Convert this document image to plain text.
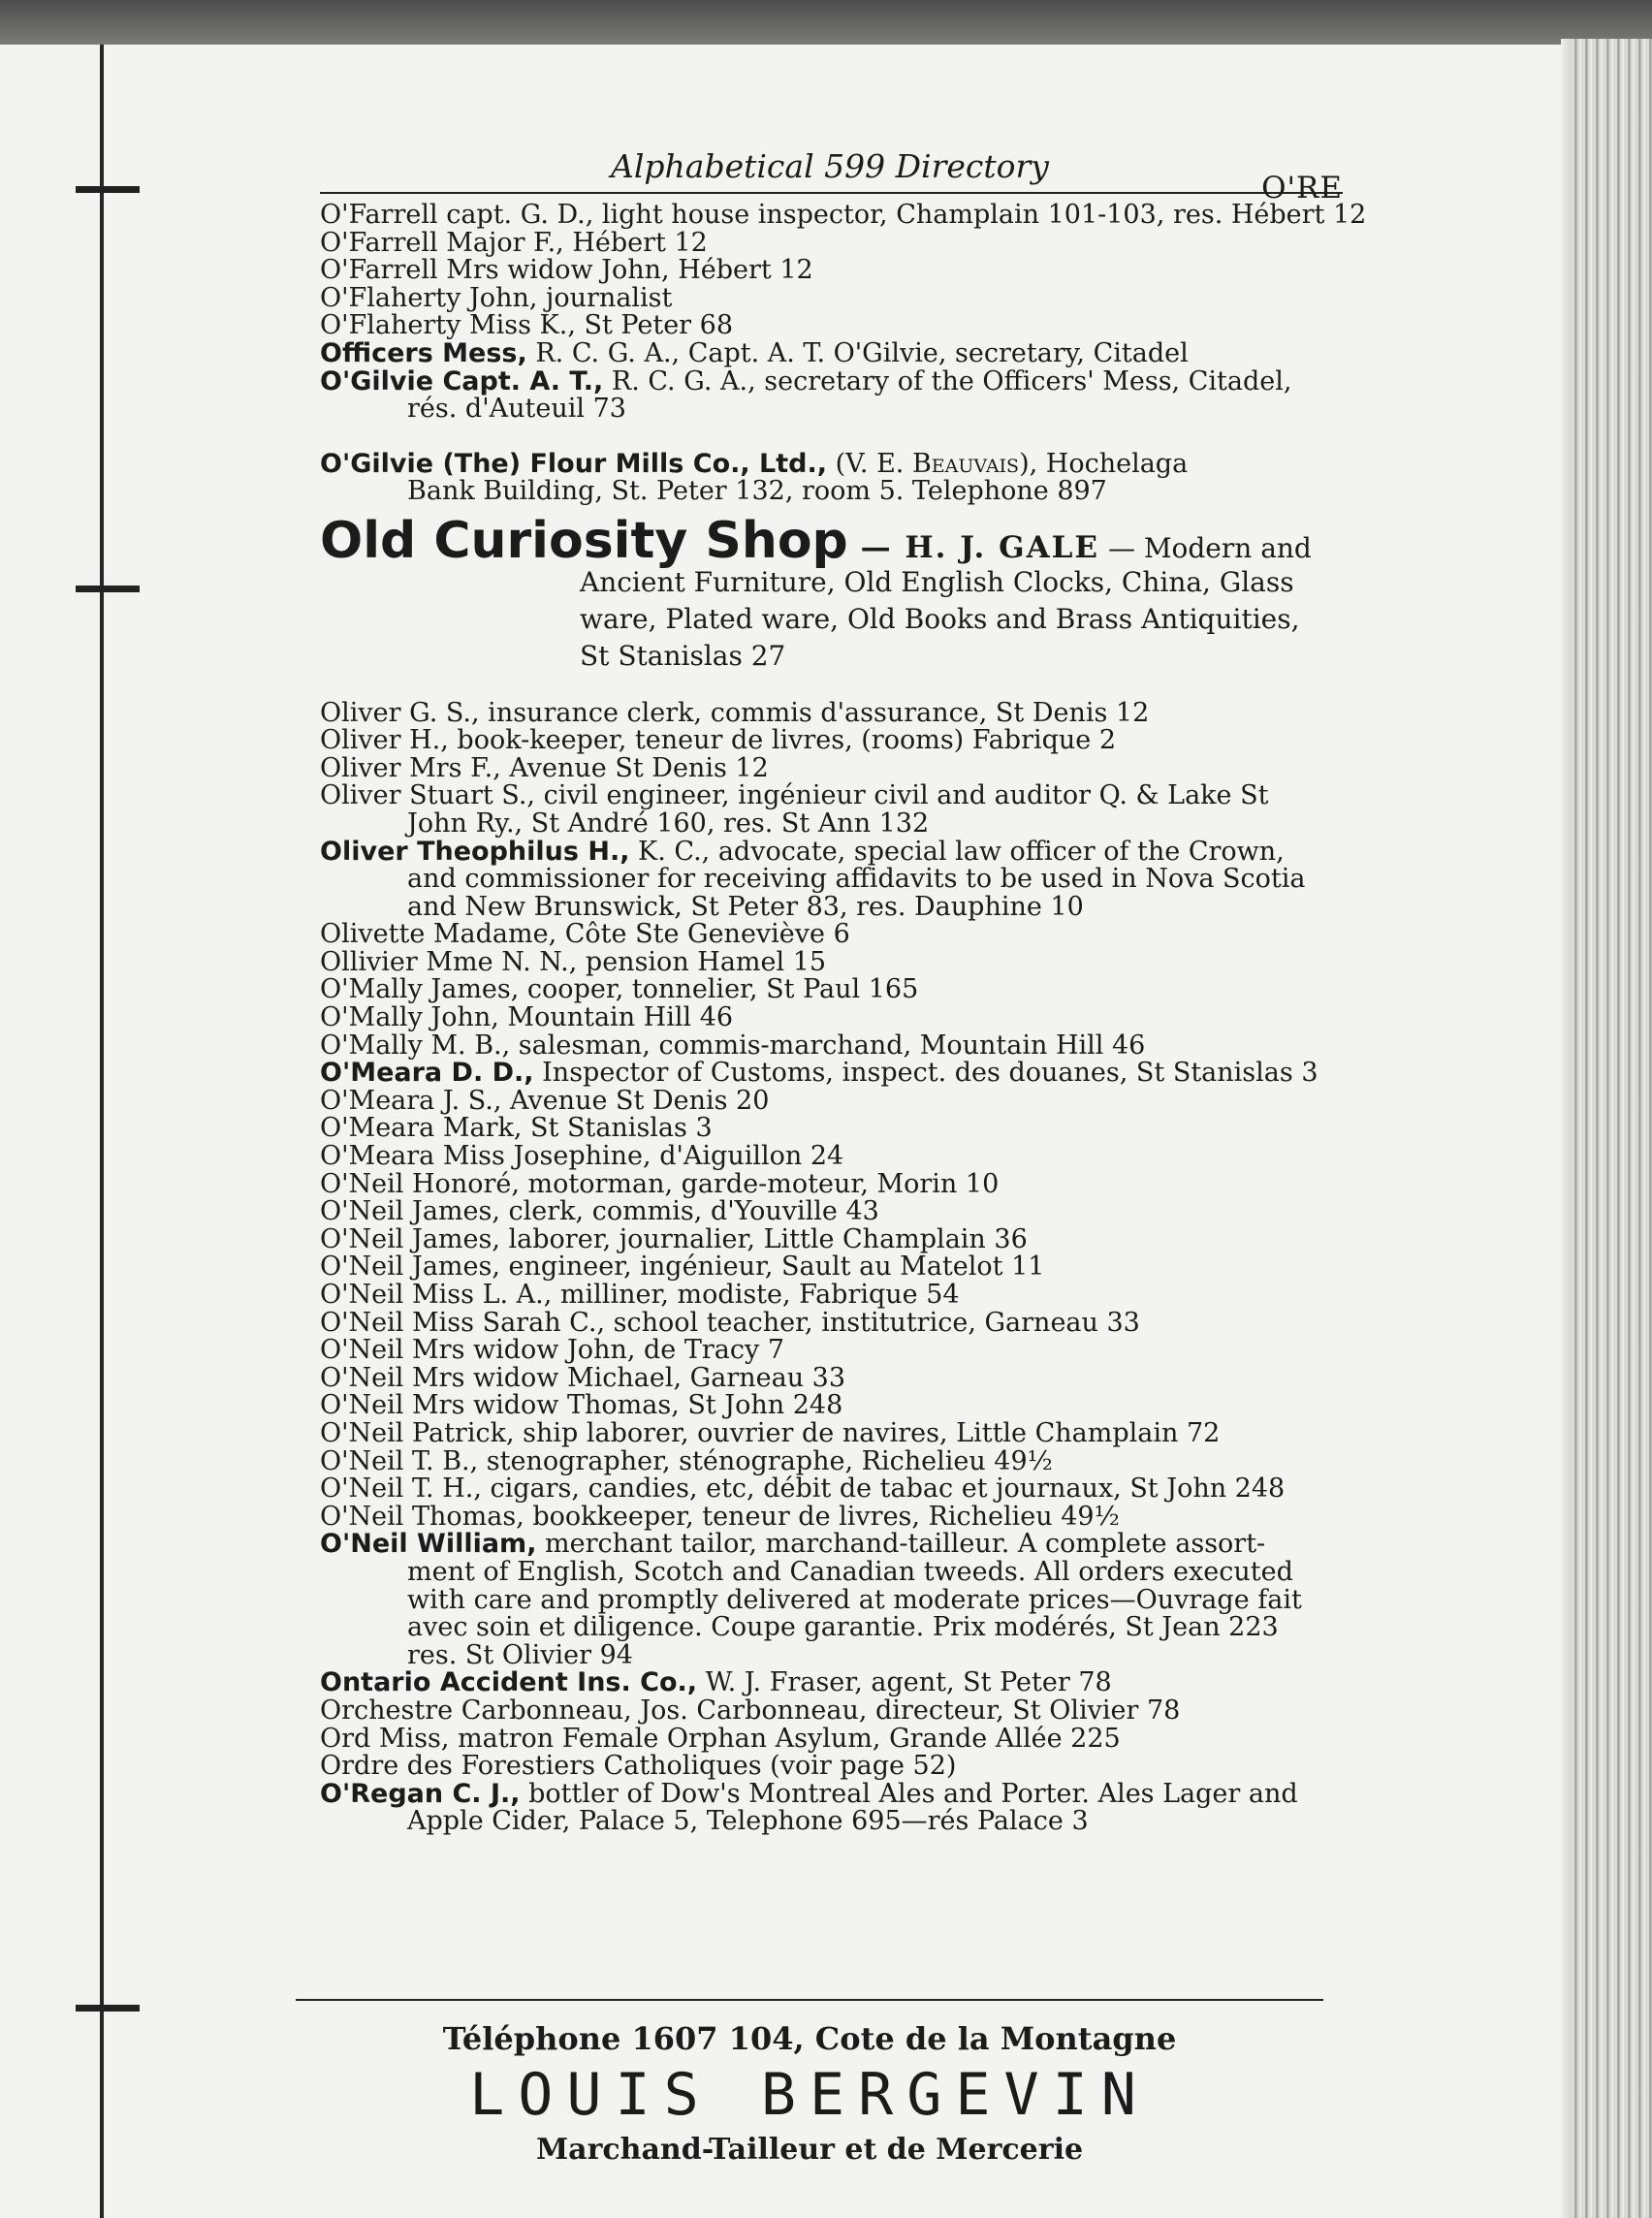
Alphabetical 599 Directory
O'RE
O'Farrell capt. G. D., light house inspector, Champlain 101-103, res. Hébert 12
O'Farrell Major F., Hébert 12
O'Farrell Mrs widow John, Hébert 12
O'Flaherty John, journalist
O'Flaherty Miss K., St Peter 68
Officers Mess, R. C. G. A., Capt. A. T. O'Gilvie, secretary, Citadel
O'Gilvie Capt. A. T., R. C. G. A., secretary of the Officers' Mess, Citadel,
rés. d'Auteuil 73
O'Gilvie (The) Flour Mills Co., Ltd., (V. E. Beauvais), Hochelaga
Bank Building, St. Peter 132, room 5. Telephone 897
Old Curiosity Shop — H. J. GALE — Modern and
Ancient Furniture, Old English Clocks, China, Glass
ware, Plated ware, Old Books and Brass Antiquities,
St Stanislas 27
Oliver G. S., insurance clerk, commis d'assurance, St Denis 12
Oliver H., book-keeper, teneur de livres, (rooms) Fabrique 2
Oliver Mrs F., Avenue St Denis 12
Oliver Stuart S., civil engineer, ingénieur civil and auditor Q. & Lake St
John Ry., St André 160, res. St Ann 132
Oliver Theophilus H., K. C., advocate, special law officer of the Crown,
and commissioner for receiving affidavits to be used in Nova Scotia
and New Brunswick, St Peter 83, res. Dauphine 10
Olivette Madame, Côte Ste Geneviève 6
Ollivier Mme N. N., pension Hamel 15
O'Mally James, cooper, tonnelier, St Paul 165
O'Mally John, Mountain Hill 46
O'Mally M. B., salesman, commis-marchand, Mountain Hill 46
O'Meara D. D., Inspector of Customs, inspect. des douanes, St Stanislas 3
O'Meara J. S., Avenue St Denis 20
O'Meara Mark, St Stanislas 3
O'Meara Miss Josephine, d'Aiguillon 24
O'Neil Honoré, motorman, garde-moteur, Morin 10
O'Neil James, clerk, commis, d'Youville 43
O'Neil James, laborer, journalier, Little Champlain 36
O'Neil James, engineer, ingénieur, Sault au Matelot 11
O'Neil Miss L. A., milliner, modiste, Fabrique 54
O'Neil Miss Sarah C., school teacher, institutrice, Garneau 33
O'Neil Mrs widow John, de Tracy 7
O'Neil Mrs widow Michael, Garneau 33
O'Neil Mrs widow Thomas, St John 248
O'Neil Patrick, ship laborer, ouvrier de navires, Little Champlain 72
O'Neil T. B., stenographer, sténographe, Richelieu 49½
O'Neil T. H., cigars, candies, etc, débit de tabac et journaux, St John 248
O'Neil Thomas, bookkeeper, teneur de livres, Richelieu 49½
O'Neil William, merchant tailor, marchand-tailleur. A complete assort-
ment of English, Scotch and Canadian tweeds. All orders executed
with care and promptly delivered at moderate prices—Ouvrage fait
avec soin et diligence. Coupe garantie. Prix modérés, St Jean 223
res. St Olivier 94
Ontario Accident Ins. Co., W. J. Fraser, agent, St Peter 78
Orchestre Carbonneau, Jos. Carbonneau, directeur, St Olivier 78
Ord Miss, matron Female Orphan Asylum, Grande Allée 225
Ordre des Forestiers Catholiques (voir page 52)
O'Regan C. J., bottler of Dow's Montreal Ales and Porter. Ales Lager and
Apple Cider, Palace 5, Telephone 695—rés Palace 3
Téléphone 1607 104, Cote de la Montagne
LOUIS BERGEVIN
Marchand-Tailleur et de Mercerie
